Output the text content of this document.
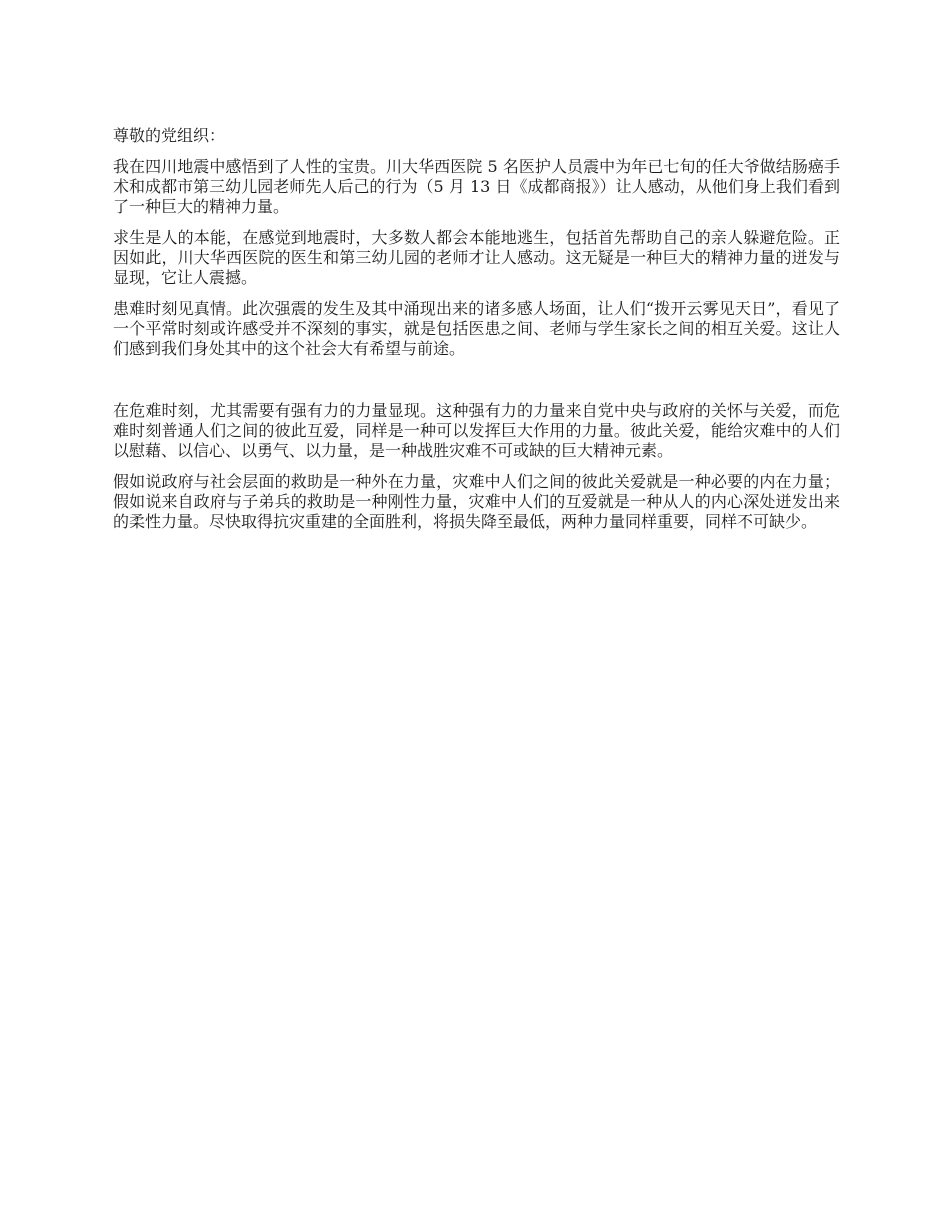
尊敬的党组织：

我在四川地震中感悟到了人性的宝贵。川大华西医院 5 名医护人员震中为年已七旬的任大爷做结肠癌手术和成都市第三幼儿园老师先人后己的行为（5 月 13 日《成都商报》）让人感动，从他们身上我们看到了一种巨大的精神力量。

求生是人的本能，在感觉到地震时，大多数人都会本能地逃生，包括首先帮助自己的亲人躲避危险。正因如此，川大华西医院的医生和第三幼儿园的老师才让人感动。这无疑是一种巨大的精神力量的迸发与显现，它让人震撼。

患难时刻见真情。此次强震的发生及其中涌现出来的诸多感人场面，让人们“拨开云雾见天日”，看见了一个平常时刻或许感受并不深刻的事实，就是包括医患之间、老师与学生家长之间的相互关爱。这让人们感到我们身处其中的这个社会大有希望与前途。

在危难时刻，尤其需要有强有力的力量显现。这种强有力的力量来自党中央与政府的关怀与关爱，而危难时刻普通人们之间的彼此互爱，同样是一种可以发挥巨大作用的力量。彼此关爱，能给灾难中的人们以慰藉、以信心、以勇气、以力量，是一种战胜灾难不可或缺的巨大精神元素。

假如说政府与社会层面的救助是一种外在力量，灾难中人们之间的彼此关爱就是一种必要的内在力量；假如说来自政府与子弟兵的救助是一种刚性力量，灾难中人们的互爱就是一种从人的内心深处迸发出来的柔性力量。尽快取得抗灾重建的全面胜利，将损失降至最低，两种力量同样重要，同样不可缺少。
